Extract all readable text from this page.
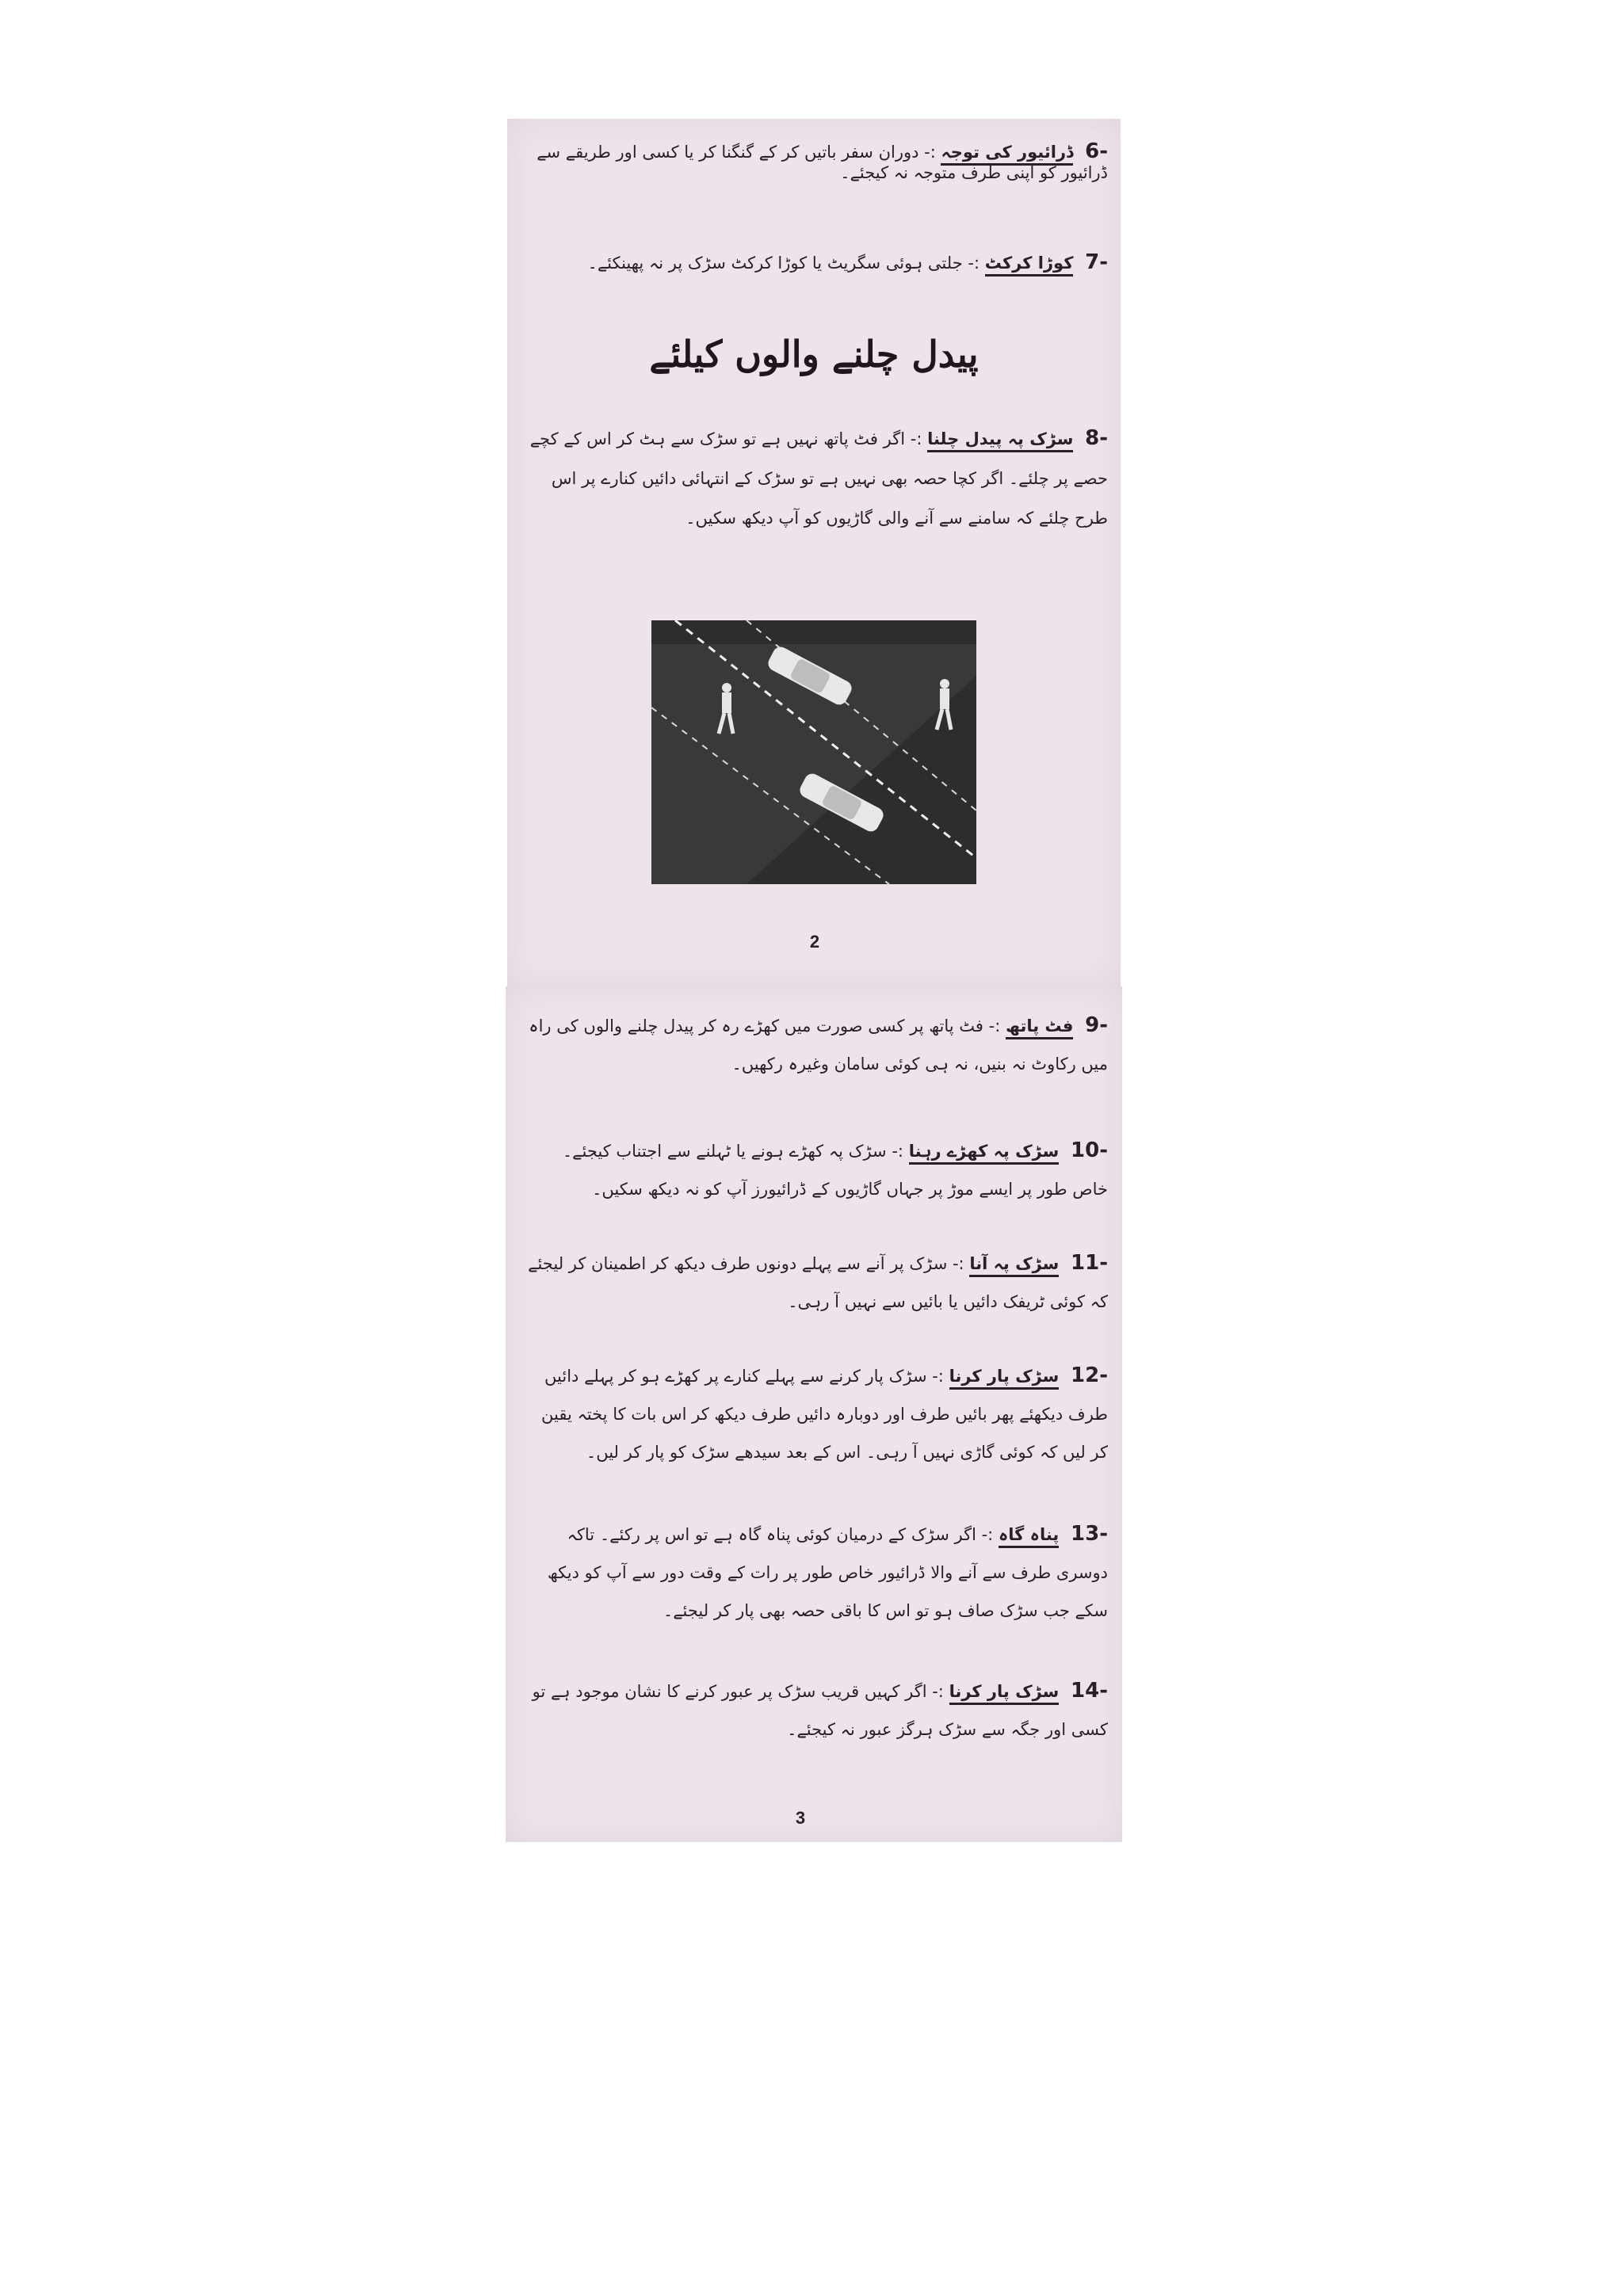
-6 ڈرائیور کی توجہ :- دوران سفر باتیں کر کے گنگنا کر یا کسی اور طریقے سے ڈرائیور کو اپنی طرف متوجہ نہ کیجئے۔
-7 کوڑا کرکٹ :- جلتی ہوئی سگریٹ یا کوڑا کرکٹ سڑک پر نہ پھینکئے۔
پیدل چلنے والوں کیلئے
-8 سڑک پہ پیدل چلنا :- اگر فٹ پاتھ نہیں ہے تو سڑک سے ہٹ کر اس کے کچے حصے پر چلئے۔ اگر کچا حصہ بھی نہیں ہے تو سڑک کے انتہائی دائیں کنارے پر اس طرح چلئے کہ سامنے سے آنے والی گاڑیوں کو آپ دیکھ سکیں۔
2
-9 فٹ پاتھ :- فٹ پاتھ پر کسی صورت میں کھڑے رہ کر پیدل چلنے والوں کی راہ میں رکاوٹ نہ بنیں، نہ ہی کوئی سامان وغیرہ رکھیں۔
-10 سڑک پہ کھڑے رہنا :- سڑک پہ کھڑے ہونے یا ٹہلنے سے اجتناب کیجئے۔ خاص طور پر ایسے موڑ پر جہاں گاڑیوں کے ڈرائیورز آپ کو نہ دیکھ سکیں۔
-11 سڑک پہ آنا :- سڑک پر آنے سے پہلے دونوں طرف دیکھ کر اطمینان کر لیجئے کہ کوئی ٹریفک دائیں یا بائیں سے نہیں آ رہی۔
-12 سڑک پار کرنا :- سڑک پار کرنے سے پہلے کنارے پر کھڑے ہو کر پہلے دائیں طرف دیکھئے پھر بائیں طرف اور دوبارہ دائیں طرف دیکھ کر اس بات کا پختہ یقین کر لیں کہ کوئی گاڑی نہیں آ رہی۔ اس کے بعد سیدھے سڑک کو پار کر لیں۔
-13 پناہ گاہ :- اگر سڑک کے درمیان کوئی پناہ گاہ ہے تو اس پر رکئے۔ تاکہ دوسری طرف سے آنے والا ڈرائیور خاص طور پر رات کے وقت دور سے آپ کو دیکھ سکے جب سڑک صاف ہو تو اس کا باقی حصہ بھی پار کر لیجئے۔
-14 سڑک پار کرنا :- اگر کہیں قریب سڑک پر عبور کرنے کا نشان موجود ہے تو کسی اور جگہ سے سڑک ہرگز عبور نہ کیجئے۔
3
